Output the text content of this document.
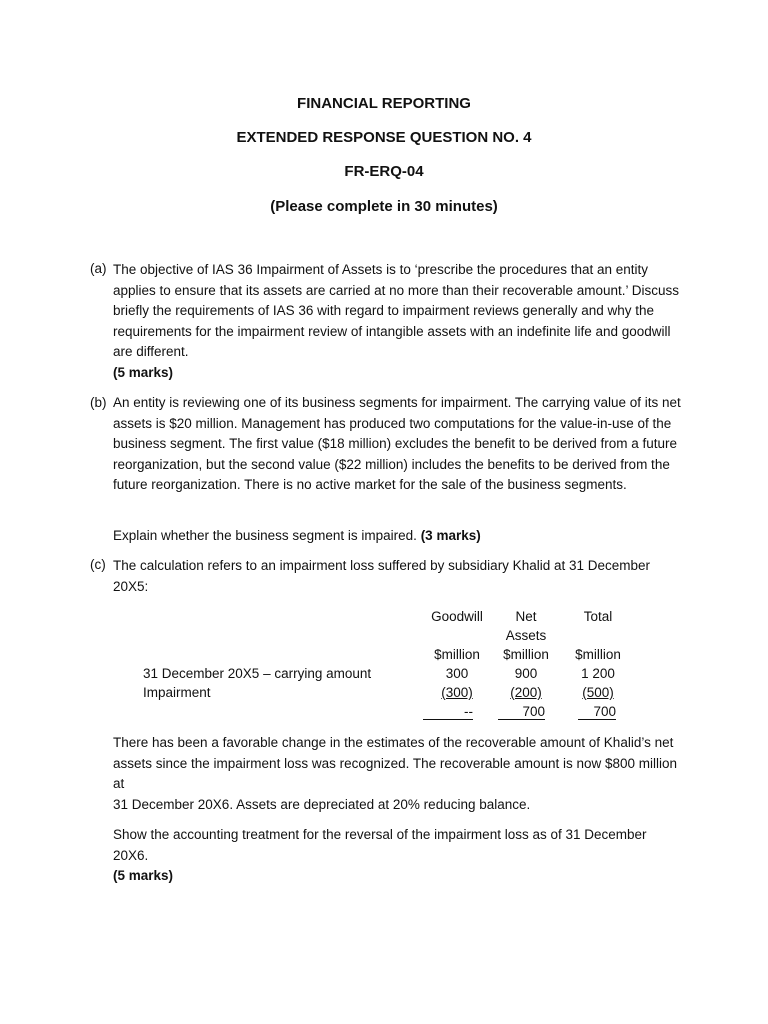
FINANCIAL REPORTING
EXTENDED RESPONSE QUESTION NO. 4
FR-ERQ-04
(Please complete in 30 minutes)
(a) The objective of IAS 36 Impairment of Assets is to ‘prescribe the procedures that an entity applies to ensure that its assets are carried at no more than their recoverable amount.’ Discuss briefly the requirements of IAS 36 with regard to impairment reviews generally and why the requirements for the impairment review of intangible assets with an indefinite life and goodwill are different.
(5 marks)
(b) An entity is reviewing one of its business segments for impairment. The carrying value of its net assets is $20 million. Management has produced two computations for the value-in-use of the business segment. The first value ($18 million) excludes the benefit to be derived from a future reorganization, but the second value ($22 million) includes the benefits to be derived from the future reorganization. There is no active market for the sale of the business segments.
Explain whether the business segment is impaired. (3 marks)
(c) The calculation refers to an impairment loss suffered by subsidiary Khalid at 31 December 20X5:
Goodwill	Net	Total
Assets
$million	$million	$million
31 December 20X5 – carrying amount	300	900	1 200
Impairment	(300)	(200)	(500)
--	700	700
There has been a favorable change in the estimates of the recoverable amount of Khalid’s net assets since the impairment loss was recognized. The recoverable amount is now $800 million at
31 December 20X6. Assets are depreciated at 20% reducing balance.
Show the accounting treatment for the reversal of the impairment loss as of 31 December 20X6.
(5 marks)
